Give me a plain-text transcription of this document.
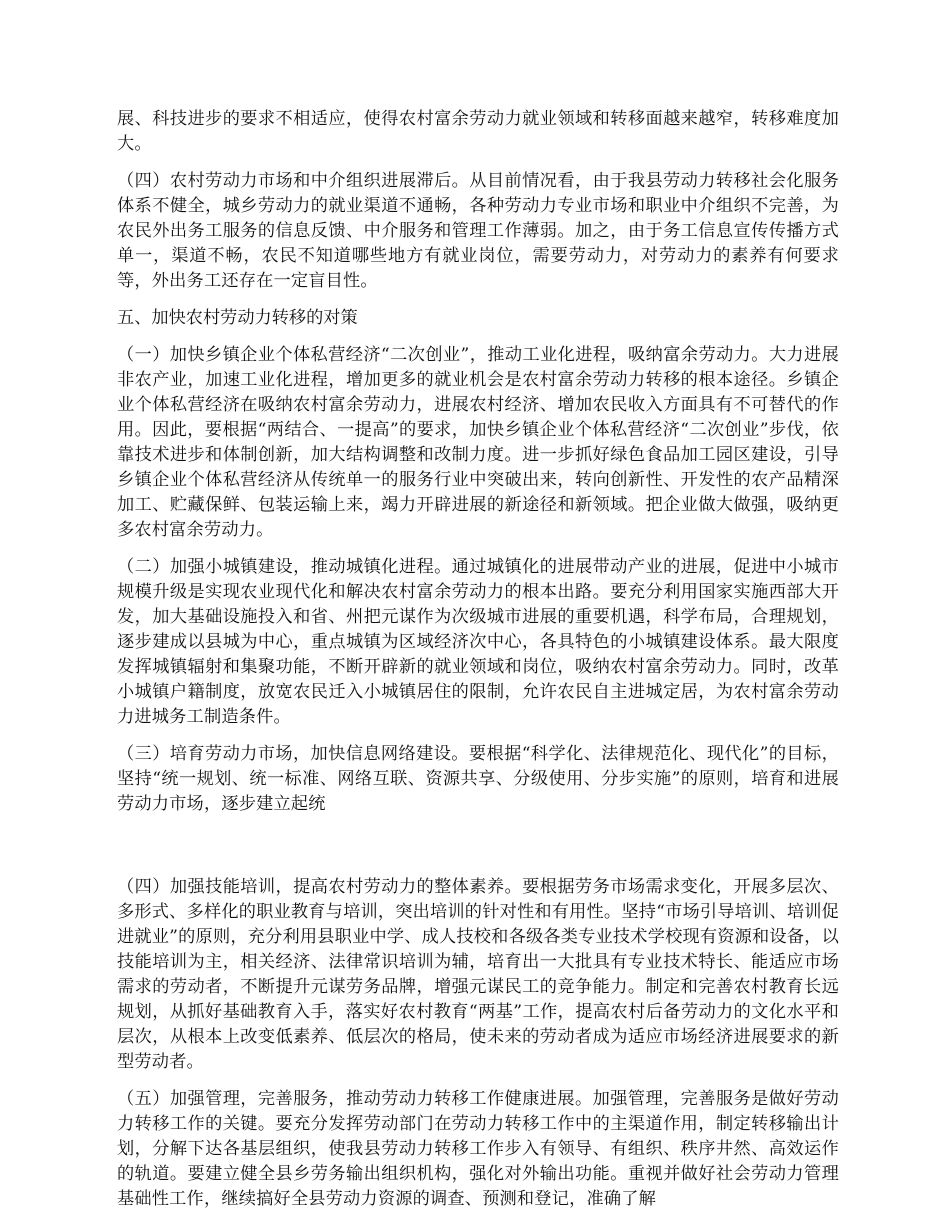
展、科技进步的要求不相适应，使得农村富余劳动力就业领域和转移面越来越窄，转移难度加大。

（四）农村劳动力市场和中介组织进展滞后。从目前情况看，由于我县劳动力转移社会化服务体系不健全，城乡劳动力的就业渠道不通畅，各种劳动力专业市场和职业中介组织不完善，为农民外出务工服务的信息反馈、中介服务和管理工作薄弱。加之，由于务工信息宣传传播方式单一，渠道不畅，农民不知道哪些地方有就业岗位，需要劳动力，对劳动力的素养有何要求等，外出务工还存在一定盲目性。

五、加快农村劳动力转移的对策

（一）加快乡镇企业个体私营经济“二次创业”，推动工业化进程，吸纳富余劳动力。大力进展非农产业，加速工业化进程，增加更多的就业机会是农村富余劳动力转移的根本途径。乡镇企业个体私营经济在吸纳农村富余劳动力，进展农村经济、增加农民收入方面具有不可替代的作用。因此，要根据“两结合、一提高”的要求，加快乡镇企业个体私营经济“二次创业”步伐，依靠技术进步和体制创新，加大结构调整和改制力度。进一步抓好绿色食品加工园区建设，引导乡镇企业个体私营经济从传统单一的服务行业中突破出来，转向创新性、开发性的农产品精深加工、贮藏保鲜、包装运输上来，竭力开辟进展的新途径和新领域。把企业做大做强，吸纳更多农村富余劳动力。

（二）加强小城镇建设，推动城镇化进程。通过城镇化的进展带动产业的进展，促进中小城市规模升级是实现农业现代化和解决农村富余劳动力的根本出路。要充分利用国家实施西部大开发，加大基础设施投入和省、州把元谋作为次级城市进展的重要机遇，科学布局，合理规划，逐步建成以县城为中心，重点城镇为区域经济次中心，各具特色的小城镇建设体系。最大限度发挥城镇辐射和集聚功能，不断开辟新的就业领域和岗位，吸纳农村富余劳动力。同时，改革小城镇户籍制度，放宽农民迁入小城镇居住的限制，允许农民自主进城定居，为农村富余劳动力进城务工制造条件。

（三）培育劳动力市场，加快信息网络建设。要根据“科学化、法律规范化、现代化”的目标，坚持“统一规划、统一标准、网络互联、资源共享、分级使用、分步实施”的原则，培育和进展劳动力市场，逐步建立起统

（四）加强技能培训，提高农村劳动力的整体素养。要根据劳务市场需求变化，开展多层次、多形式、多样化的职业教育与培训，突出培训的针对性和有用性。坚持“市场引导培训、培训促进就业”的原则，充分利用县职业中学、成人技校和各级各类专业技术学校现有资源和设备，以技能培训为主，相关经济、法律常识培训为辅，培育出一大批具有专业技术特长、能适应市场需求的劳动者，不断提升元谋劳务品牌，增强元谋民工的竞争能力。制定和完善农村教育长远规划，从抓好基础教育入手，落实好农村教育“两基”工作，提高农村后备劳动力的文化水平和层次，从根本上改变低素养、低层次的格局，使未来的劳动者成为适应市场经济进展要求的新型劳动者。

（五）加强管理，完善服务，推动劳动力转移工作健康进展。加强管理，完善服务是做好劳动力转移工作的关键。要充分发挥劳动部门在劳动力转移工作中的主渠道作用，制定转移输出计划，分解下达各基层组织，使我县劳动力转移工作步入有领导、有组织、秩序井然、高效运作的轨道。要建立健全县乡劳务输出组织机构，强化对外输出功能。重视并做好社会劳动力管理基础性工作，继续搞好全县劳动力资源的调查、预测和登记，准确了解
